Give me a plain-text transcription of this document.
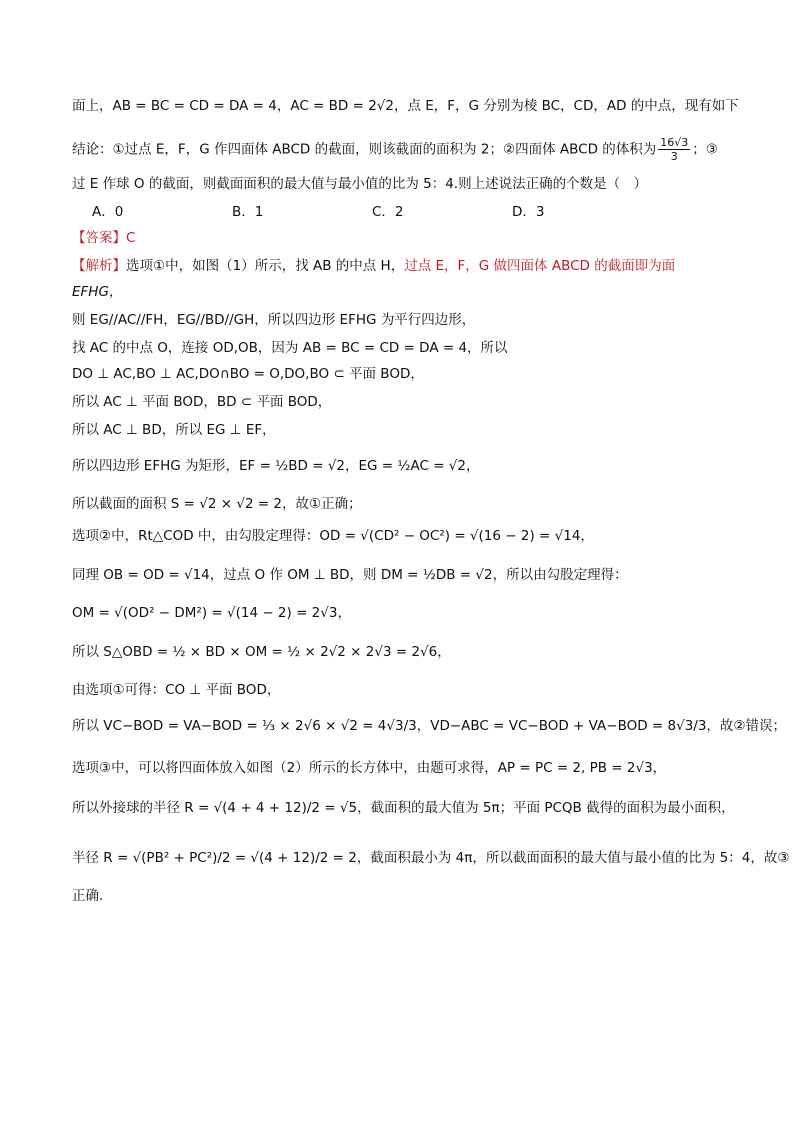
面上，AB = BC = CD = DA = 4，AC = BD = 2√2，点 E，F，G 分别为棱 BC，CD，AD 的中点，现有如下
结论：①过点 E，F，G 作四面体 ABCD 的截面，则该截面的面积为 2；②四面体 ABCD 的体积为 $\frac{16√3}{3}$ ；③
过 E 作球 O 的截面，则截面面积的最大值与最小值的比为 5：4.则上述说法正确的个数是（　）
A．0	B．1	C．2	D．3
【答案】C
【解析】选项①中，如图（1）所示，找 AB 的中点 H，过点 E，F，G 做四面体 ABCD 的截面即为面
EFHG，
则 EG//AC//FH，EG//BD//GH，所以四边形 EFHG 为平行四边形，
找 AC 的中点 O，连接 OD,OB，因为 AB = BC = CD = DA = 4，所以
DO ⊥ AC,BO ⊥ AC,DO∩BO = O,DO,BO ⊂ 平面 BOD，
所以 AC ⊥ 平面 BOD，BD ⊂ 平面 BOD，
所以 AC ⊥ BD，所以 EG ⊥ EF，
所以四边形 EFHG 为矩形，EF = ½BD = √2，EG = ½AC = √2，
所以截面的面积 S = √2 × √2 = 2，故①正确；
选项②中，Rt△COD 中，由勾股定理得：OD = √(CD² − OC²) = √(16 − 2) = √14，
同理 OB = OD = √14，过点 O 作 OM ⊥ BD，则 DM = ½DB = √2，所以由勾股定理得：
OM = √(OD² − DM²) = √(14 − 2) = 2√3，
所以 S△OBD = ½ × BD × OM = ½ × 2√2 × 2√3 = 2√6，
由选项①可得：CO ⊥ 平面 BOD，
所以 VC−BOD = VA−BOD = ⅓ × 2√6 × √2 = 4√3/3，VD−ABC = VC−BOD + VA−BOD = 8√3/3，故②错误；
选项③中，可以将四面体放入如图（2）所示的长方体中，由题可求得，AP = PC = 2, PB = 2√3，
所以外接球的半径 R = √(4 + 4 + 12)/2 = √5，截面积的最大值为 5π；平面 PCQB 截得的面积为最小面积，
半径 R = √(PB² + PC²)/2 = √(4 + 12)/2 = 2，截面积最小为 4π，所以截面面积的最大值与最小值的比为 5：4，故③
正确.
